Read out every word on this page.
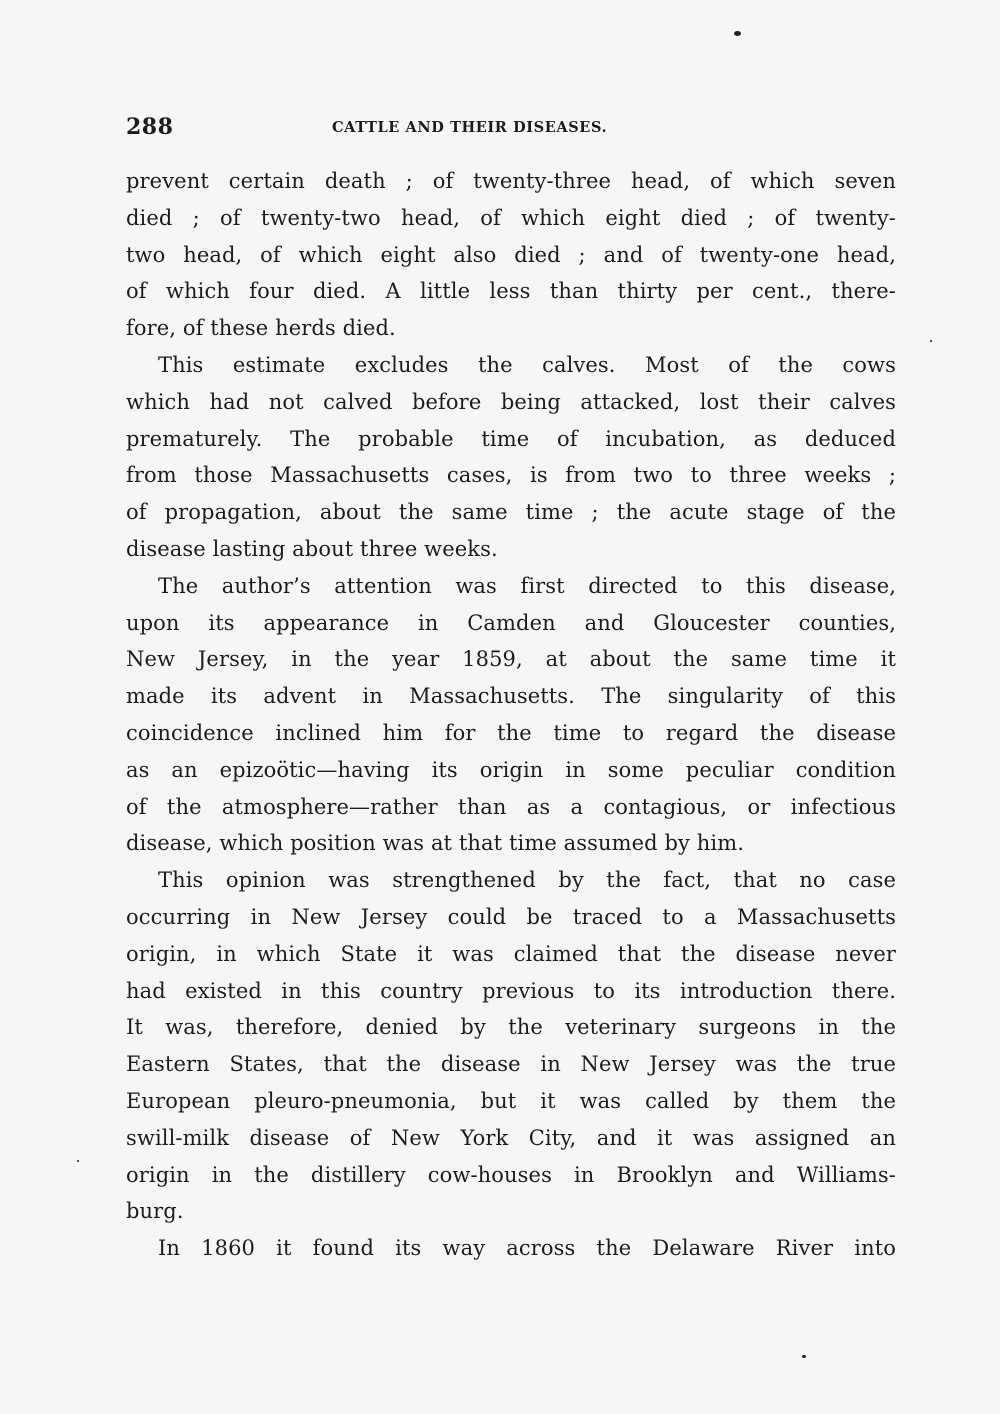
288	CATTLE AND THEIR DISEASES.
prevent certain death ; of twenty-three head, of which seven
died ; of twenty-two head, of which eight died ; of twenty-
two head, of which eight also died ; and of twenty-one head,
of which four died. A little less than thirty per cent., there-
fore, of these herds died.
This estimate excludes the calves. Most of the cows
which had not calved before being attacked, lost their calves
prematurely. The probable time of incubation, as deduced
from those Massachusetts cases, is from two to three weeks ;
of propagation, about the same time ; the acute stage of the
disease lasting about three weeks.
The author’s attention was first directed to this disease,
upon its appearance in Camden and Gloucester counties,
New Jersey, in the year 1859, at about the same time it
made its advent in Massachusetts. The singularity of this
coincidence inclined him for the time to regard the disease
as an epizoötic—having its origin in some peculiar condition
of the atmosphere—rather than as a contagious, or infectious
disease, which position was at that time assumed by him.
This opinion was strengthened by the fact, that no case
occurring in New Jersey could be traced to a Massachusetts
origin, in which State it was claimed that the disease never
had existed in this country previous to its introduction there.
It was, therefore, denied by the veterinary surgeons in the
Eastern States, that the disease in New Jersey was the true
European pleuro-pneumonia, but it was called by them the
swill-milk disease of New York City, and it was assigned an
origin in the distillery cow-houses in Brooklyn and Williams-
burg.
In 1860 it found its way across the Delaware River into
